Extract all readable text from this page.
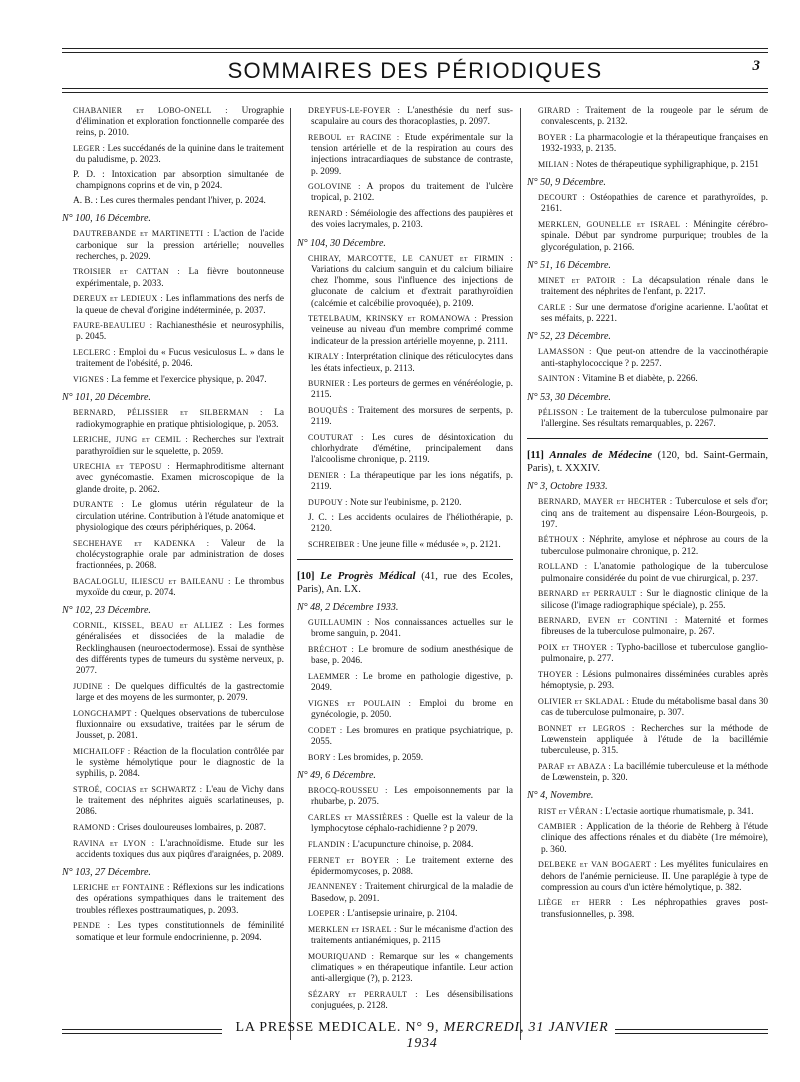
SOMMAIRES DES PÉRIODIQUES	3
CHABANIER et LOBO-ONELL : Urographie d'élimination et exploration fonctionnelle comparée des reins, p. 2010.
LEGER : Les succédanés de la quinine dans le traitement du paludisme, p. 2023.
P. D. : Intoxication par absorption simultanée de champignons coprins et de vin, p 2024.
A. B. : Les cures thermales pendant l'hiver, p. 2024.
N° 100, 16 Décembre.
DAUTREBANDE et MARTINETTI : L'action de l'acide carbonique sur la pression artérielle; nouvelles recherches, p. 2029.
TROISIER et CATTAN : La fièvre boutonneuse expérimentale, p. 2033.
DEREUX et LEDIEUX : Les inflammations des nerfs de la queue de cheval d'origine indéterminée, p. 2037.
FAURE-BEAULIEU : Rachianesthésie et neurosyphilis, p. 2045.
LECLERC : Emploi du « Fucus vesiculosus L. » dans le traitement de l'obésité, p. 2046.
VIGNES : La femme et l'exercice physique, p. 2047.
N° 101, 20 Décembre.
BERNARD, PÉLISSIER et SILBERMAN : La radiokymographie en pratique phtisiologique, p. 2053.
LERICHE, JUNG et CEMIL : Recherches sur l'extrait parathyroïdien sur le squelette, p. 2059.
URECHIA et TEPOSU : Hermaphroditisme alternant avec gynécomastie. Examen microscopique de la glande droite, p. 2062.
DURANTE : Le glomus utérin régulateur de la circulation utérine. Contribution à l'étude anatomique et physiologique des cœurs périphériques, p. 2064.
SECHEHAYE et KADENKA : Valeur de la cholécystographie orale par administration de doses fractionnées, p. 2068.
BACALOGLU, ILIESCU et BAILEANU : Le thrombus myxoïde du cœur, p. 2074.
N° 102, 23 Décembre.
CORNIL, KISSEL, BEAU et ALLIEZ : Les formes généralisées et dissociées de la maladie de Recklinghausen (neuroectodermose). Essai de synthèse des différents types de tumeurs du système nerveux, p. 2077.
JUDINE : De quelques difficultés de la gastrectomie large et des moyens de les surmonter, p. 2079.
LONGCHAMPT : Quelques observations de tuberculose fluxionnaire ou exsudative, traitées par le sérum de Jousset, p. 2081.
MICHAILOFF : Réaction de la floculation contrôlée par le système hémolytique pour le diagnostic de la syphilis, p. 2084.
STROÉ, COCIAS et SCHWARTZ : L'eau de Vichy dans le traitement des néphrites aiguës scarlatineuses, p. 2086.
RAMOND : Crises douloureuses lombaires, p. 2087.
RAVINA et LYON : L'arachnoïdisme. Etude sur les accidents toxiques dus aux piqûres d'araignées, p. 2089.
N° 103, 27 Décembre.
LERICHE et FONTAINE : Réflexions sur les indications des opérations sympathiques dans le traitement des troubles réflexes posttraumatiques, p. 2093.
PENDE : Les types constitutionnels de féminilité somatique et leur formule endocrinienne, p. 2094.
DREYFUS-LE-FOYER : L'anesthésie du nerf sus-scapulaire au cours des thoracoplasties, p. 2097.
REBOUL et RACINE : Etude expérimentale sur la tension artérielle et de la respiration au cours des injections intracardiaques de substance de contraste, p. 2099.
GOLOVINE : A propos du traitement de l'ulcère tropical, p. 2102.
RENARD : Séméiologie des affections des paupières et des voies lacrymales, p. 2103.
N° 104, 30 Décembre.
CHIRAY, MARCOTTE, LE CANUET et FIRMIN : Variations du calcium sanguin et du calcium biliaire chez l'homme, sous l'influence des injections de gluconate de calcium et d'extrait parathyroïdien (calcémie et calcébilie provoquée), p. 2109.
TETELBAUM, KRINSKY et ROMANOWA : Pression veineuse au niveau d'un membre comprimé comme indicateur de la pression artérielle moyenne, p. 2111.
KIRALY : Interprétation clinique des réticulocytes dans les états infectieux, p. 2113.
BURNIER : Les porteurs de germes en vénéréologie, p. 2115.
BOUQUÈS : Traitement des morsures de serpents, p. 2119.
COUTURAT : Les cures de désintoxication du chlorhydrate d'émétine, principalement dans l'alcoolisme chronique, p. 2119.
DENIER : La thérapeutique par les ions négatifs, p. 2119.
DUPOUY : Note sur l'eubinisme, p. 2120.
J. C. : Les accidents oculaires de l'héliothérapie, p. 2120.
SCHREIBER : Une jeune fille « médusée », p. 2121.
[10] Le Progrès Médical (41, rue des Ecoles, Paris), An. LX.
N° 48, 2 Décembre 1933.
GUILLAUMIN : Nos connaissances actuelles sur le brome sanguin, p. 2041.
BRÉCHOT : Le bromure de sodium anesthésique de base, p. 2046.
LAEMMER : Le brome en pathologie digestive, p. 2049.
VIGNES et POULAIN : Emploi du brome en gynécologie, p. 2050.
CODET : Les bromures en pratique psychiatrique, p. 2055.
BORY : Les bromides, p. 2059.
N° 49, 6 Décembre.
BROCQ-ROUSSEU : Les empoisonnements par la rhubarbe, p. 2075.
CARLES et MASSIÈRES : Quelle est la valeur de la lymphocytose céphalo-rachidienne ? p 2079.
FLANDIN : L'acupuncture chinoise, p. 2084.
FERNET et BOYER : Le traitement externe des épidermomycoses, p. 2088.
JEANNENEY : Traitement chirurgical de la maladie de Basedow, p. 2091.
LOEPER : L'antisepsie urinaire, p. 2104.
MERKLEN et ISRAEL : Sur le mécanisme d'action des traitements antianémiques, p. 2115
MOURIQUAND : Remarque sur les « changements climatiques » en thérapeutique infantile. Leur action anti-allergique (?), p. 2123.
SÉZARY et PERRAULT : Les désensibilisations conjuguées, p. 2128.
GIRARD : Traitement de la rougeole par le sérum de convalescents, p. 2132.
BOYER : La pharmacologie et la thérapeutique françaises en 1932-1933, p. 2135.
MILIAN : Notes de thérapeutique syphiligraphique, p. 2151
N° 50, 9 Décembre.
DECOURT : Ostéopathies de carence et parathyroïdes, p. 2161.
MERKLEN, GOUNELLE et ISRAEL : Méningite cérébro-spinale. Début par syndrome purpurique; troubles de la glycorégulation, p. 2166.
N° 51, 16 Décembre.
MINET et PATOIR : La décapsulation rénale dans le traitement des néphrites de l'enfant, p. 2217.
CARLE : Sur une dermatose d'origine acarienne. L'aoûtat et ses méfaits, p. 2221.
N° 52, 23 Décembre.
LAMASSON : Que peut-on attendre de la vaccinothérapie anti-staphylococcique ? p. 2257.
SAINTON : Vitamine B et diabète, p. 2266.
N° 53, 30 Décembre.
PÉLISSON : Le traitement de la tuberculose pulmonaire par l'allergine. Ses résultats remarquables, p. 2267.
[11] Annales de Médecine (120, bd. Saint-Germain, Paris), t. XXXIV.
N° 3, Octobre 1933.
BERNARD, MAYER et HECHTER : Tuberculose et sels d'or; cinq ans de traitement au dispensaire Léon-Bourgeois, p. 197.
BÉTHOUX : Néphrite, amylose et néphrose au cours de la tuberculose pulmonaire chronique, p. 212.
ROLLAND : L'anatomie pathologique de la tuberculose pulmonaire considérée du point de vue chirurgical, p. 237.
BERNARD et PERRAULT : Sur le diagnostic clinique de la silicose (l'image radiographique spéciale), p. 255.
BERNARD, EVEN et CONTINI : Maternité et formes fibreuses de la tuberculose pulmonaire, p. 267.
POIX et THOYER : Typho-bacillose et tuberculose ganglio-pulmonaire, p. 277.
THOYER : Lésions pulmonaires disséminées curables après hémoptysie, p. 293.
OLIVIER et SKLADAL : Etude du métabolisme basal dans 30 cas de tuberculose pulmonaire, p. 307.
BONNET et LEGROS : Recherches sur la méthode de Lœwenstein appliquée à l'étude de la bacillémie tuberculeuse, p. 315.
PARAF et ABAZA : La bacillémie tuberculeuse et la méthode de Lœwenstein, p. 320.
N° 4, Novembre.
RIST et VÉRAN : L'ectasie aortique rhumatismale, p. 341.
CAMBIER : Application de la théorie de Rehberg à l'étude clinique des affections rénales et du diabète (1re mémoire), p. 360.
DELBEKE et VAN BOGAERT : Les myélites funiculaires en dehors de l'anémie pernicieuse. II. Une paraplégie à type de compression au cours d'un ictère hémolytique, p. 382.
LIÈGE et HERR : Les néphropathies graves post-transfusionnelles, p. 398.
LA PRESSE MEDICALE. N° 9, MERCREDI, 31 JANVIER 1934
